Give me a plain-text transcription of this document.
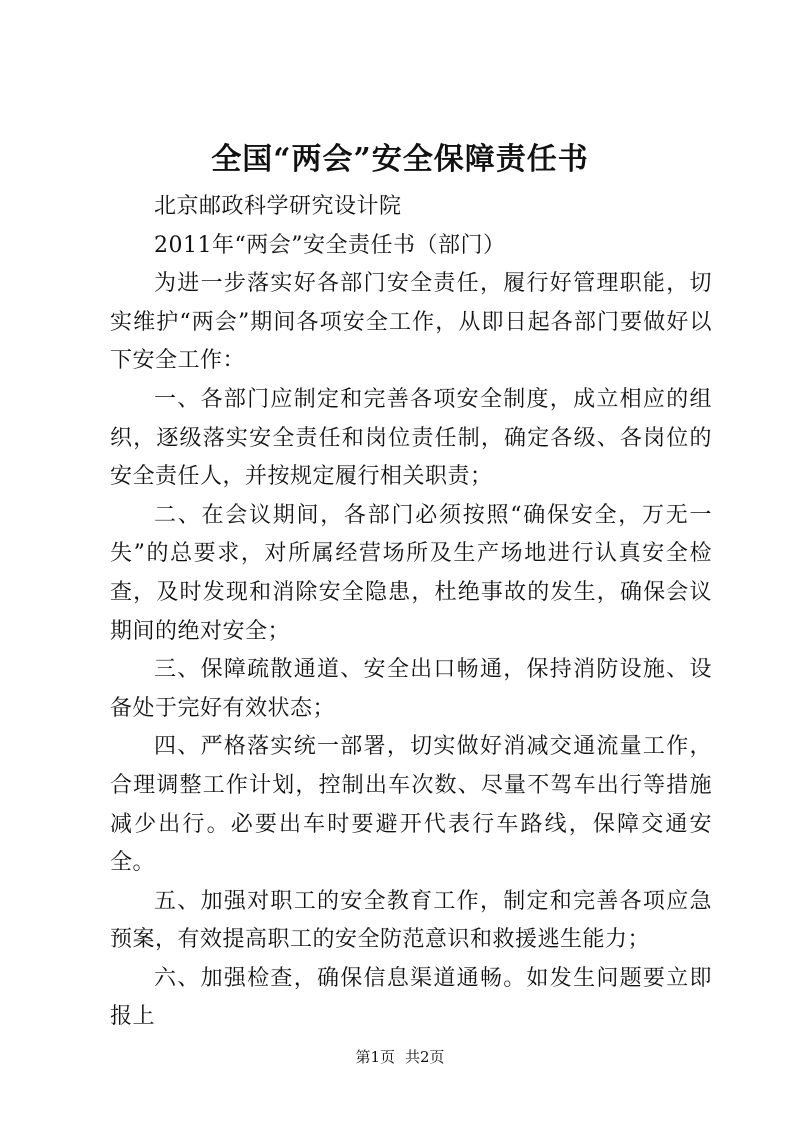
全国“两会”安全保障责任书

北京邮政科学研究设计院

2011年“两会”安全责任书（部门）

为进一步落实好各部门安全责任，履行好管理职能，切实维护“两会”期间各项安全工作，从即日起各部门要做好以下安全工作：

一、各部门应制定和完善各项安全制度，成立相应的组织，逐级落实安全责任和岗位责任制，确定各级、各岗位的安全责任人，并按规定履行相关职责；

二、在会议期间，各部门必须按照“确保安全，万无一失”的总要求，对所属经营场所及生产场地进行认真安全检查，及时发现和消除安全隐患，杜绝事故的发生，确保会议期间的绝对安全；

三、保障疏散通道、安全出口畅通，保持消防设施、设备处于完好有效状态；

四、严格落实统一部署，切实做好消减交通流量工作，合理调整工作计划，控制出车次数、尽量不驾车出行等措施减少出行。必要出车时要避开代表行车路线，保障交通安全。

五、加强对职工的安全教育工作，制定和完善各项应急预案，有效提高职工的安全防范意识和救援逃生能力；

六、加强检查，确保信息渠道通畅。如发生问题要立即报上

第1页 共2页
